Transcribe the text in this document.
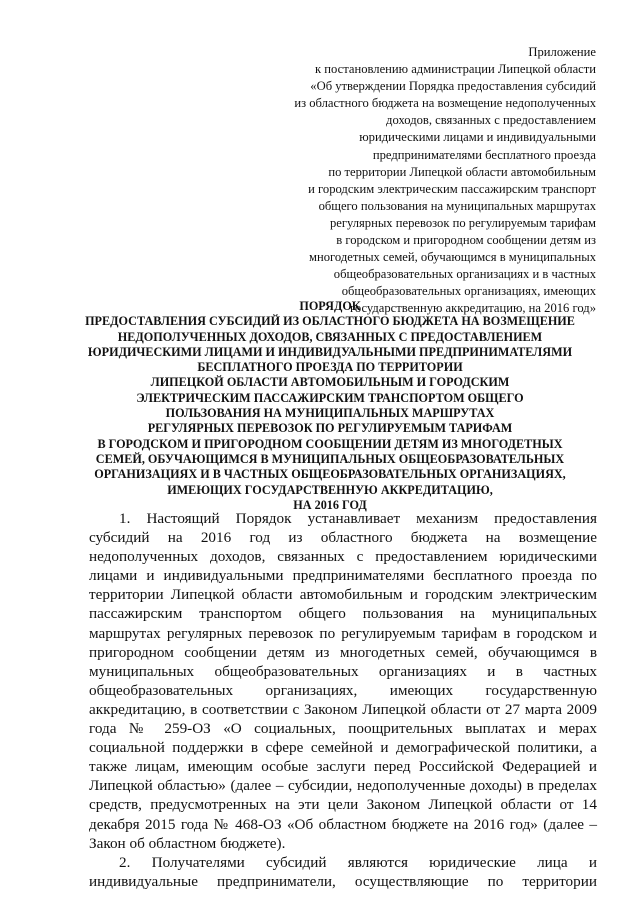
Приложение
к постановлению администрации Липецкой области
«Об утверждении Порядка предоставления субсидий
из областного бюджета на возмещение недополученных
доходов, связанных с предоставлением
юридическими лицами и индивидуальными
предпринимателями бесплатного проезда
по территории Липецкой области автомобильным
и городским электрическим пассажирским транспорт
общего пользования на муниципальных маршрутах
регулярных перевозок по регулируемым тарифам
в городском и пригородном сообщении детям из
многодетных семей, обучающимся в муниципальных
общеобразовательных организациях и в частных
общеобразовательных организациях, имеющих
государственную аккредитацию, на 2016 год»
ПОРЯДОК
ПРЕДОСТАВЛЕНИЯ СУБСИДИЙ ИЗ ОБЛАСТНОГО БЮДЖЕТА НА ВОЗМЕЩЕНИЕ
НЕДОПОЛУЧЕННЫХ ДОХОДОВ, СВЯЗАННЫХ С ПРЕДОСТАВЛЕНИЕМ
ЮРИДИЧЕСКИМИ ЛИЦАМИ И ИНДИВИДУАЛЬНЫМИ ПРЕДПРИНИМАТЕЛЯМИ
БЕСПЛАТНОГО ПРОЕЗДА ПО ТЕРРИТОРИИ
ЛИПЕЦКОЙ ОБЛАСТИ АВТОМОБИЛЬНЫМ И ГОРОДСКИМ
ЭЛЕКТРИЧЕСКИМ ПАССАЖИРСКИМ ТРАНСПОРТОМ ОБЩЕГО
ПОЛЬЗОВАНИЯ НА МУНИЦИПАЛЬНЫХ МАРШРУТАХ
РЕГУЛЯРНЫХ ПЕРЕВОЗОК ПО РЕГУЛИРУЕМЫМ ТАРИФАМ
В ГОРОДСКОМ И ПРИГОРОДНОМ СООБЩЕНИИ ДЕТЯМ ИЗ МНОГОДЕТНЫХ
СЕМЕЙ, ОБУЧАЮЩИМСЯ В МУНИЦИПАЛЬНЫХ ОБЩЕОБРАЗОВАТЕЛЬНЫХ
ОРГАНИЗАЦИЯХ И В ЧАСТНЫХ ОБЩЕОБРАЗОВАТЕЛЬНЫХ ОРГАНИЗАЦИЯХ,
ИМЕЮЩИХ ГОСУДАРСТВЕННУЮ АККРЕДИТАЦИЮ,
НА 2016 ГОД
1. Настоящий Порядок устанавливает механизм предоставления
субсидий на 2016 год из областного бюджета на возмещение
недополученных доходов, связанных с предоставлением юридическими
лицами и индивидуальными предпринимателями бесплатного проезда по
территории Липецкой области автомобильным и городским электрическим
пассажирским транспортом общего пользования на муниципальных
маршрутах регулярных перевозок по регулируемым тарифам в городском и
пригородном сообщении детям из многодетных семей, обучающимся в
муниципальных общеобразовательных организациях и в частных
общеобразовательных организациях, имеющих государственную
аккредитацию, в соответствии с Законом Липецкой области от 27 марта 2009
года № 259-ОЗ «О социальных, поощрительных выплатах и мерах
социальной поддержки в сфере семейной и демографической политики, а
также лицам, имеющим особые заслуги перед Российской Федерацией и
Липецкой областью» (далее – субсидии, недополученные доходы) в пределах
средств, предусмотренных на эти цели Законом Липецкой области от 14
декабря 2015 года № 468-ОЗ «Об областном бюджете на 2016 год» (далее –
Закон об областном бюджете).
2. Получателями субсидий являются юридические лица и
индивидуальные предприниматели, осуществляющие по территории
